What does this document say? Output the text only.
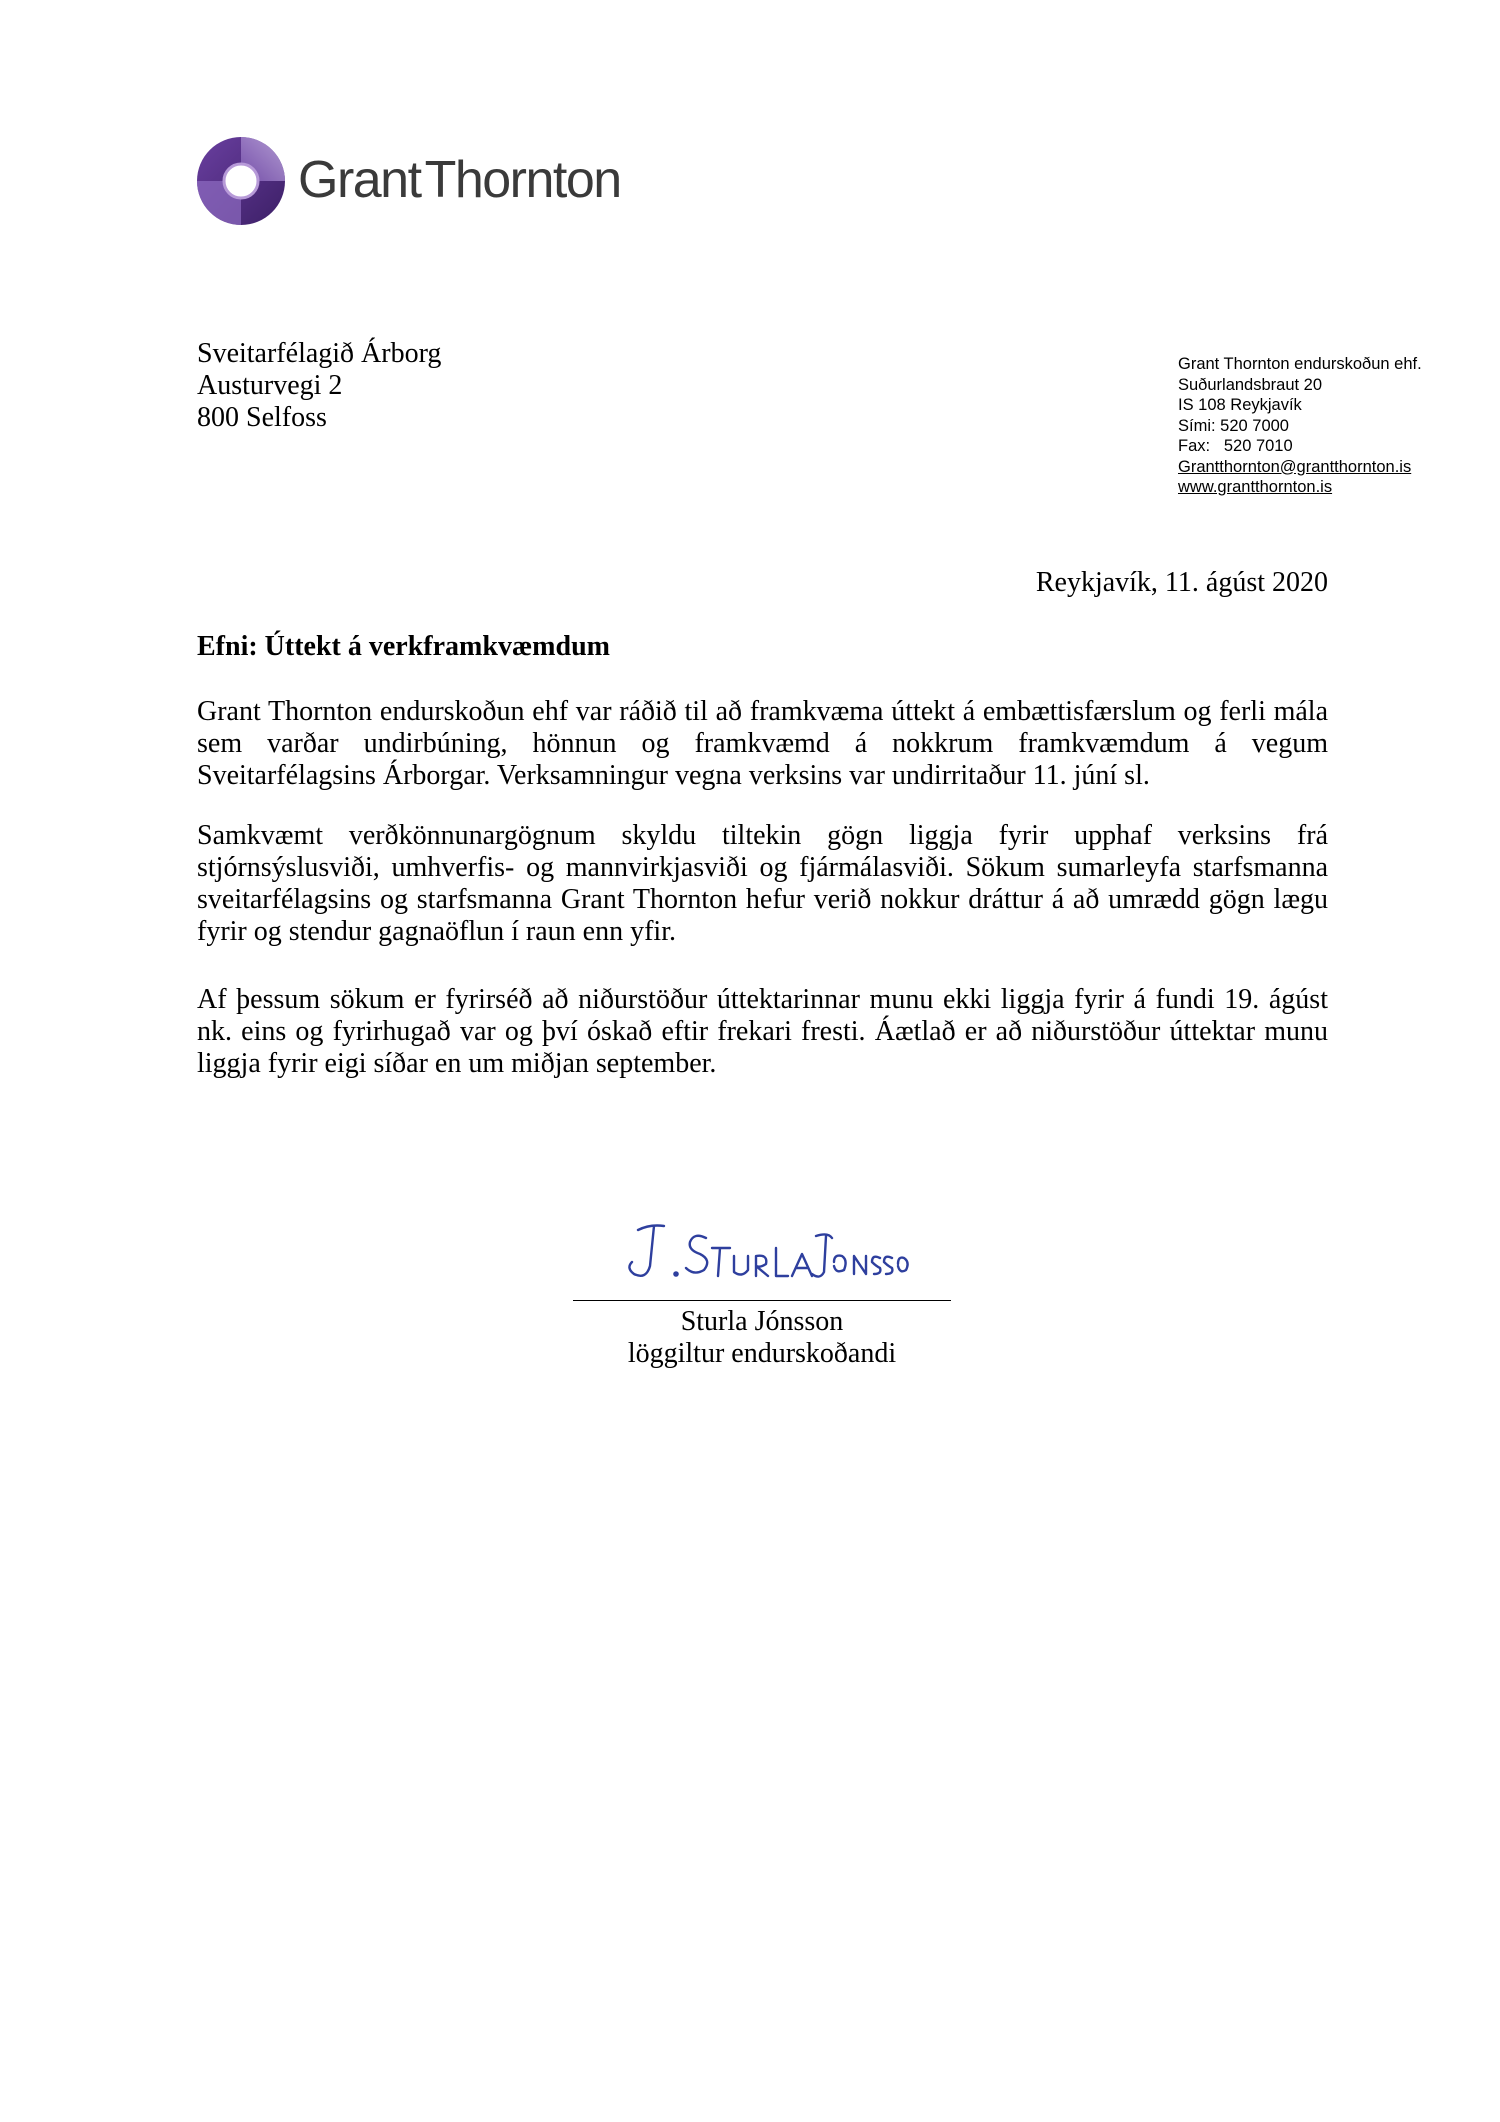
GrantThornton
Sveitarfélagið Árborg
Austurvegi 2
800 Selfoss
Grant Thornton endurskoðun ehf.
Suðurlandsbraut 20
IS 108 Reykjavík
Sími: 520 7000
Fax:   520 7010
Grantthornton@grantthornton.is
www.grantthornton.is
Reykjavík, 11. ágúst 2020
Efni: Úttekt á verkframkvæmdum

Grant Thornton endurskoðun ehf var ráðið til að framkvæma úttekt á embættisfærslum og ferli mála sem varðar undirbúning, hönnun og framkvæmd á nokkrum framkvæmdum á vegum Sveitarfélagsins Árborgar. Verksamningur vegna verksins var undirritaður 11. júní sl.

Samkvæmt verðkönnunargögnum skyldu tiltekin gögn liggja fyrir upphaf verksins frá stjórnsýslusviði, umhverfis- og mannvirkjasviði og fjármálasviði. Sökum sumarleyfa starfsmanna sveitarfélagsins og starfsmanna Grant Thornton hefur verið nokkur dráttur á að umrædd gögn lægu fyrir og stendur gagnaöflun í raun enn yfir.

Af þessum sökum er fyrirséð að niðurstöður úttektarinnar munu ekki liggja fyrir á fundi 19. ágúst nk. eins og fyrirhugað var og því óskað eftir frekari fresti. Áætlað er að niðurstöður úttektar munu liggja fyrir eigi síðar en um miðjan september.

Sturla Jónsson
löggiltur endurskoðandi
